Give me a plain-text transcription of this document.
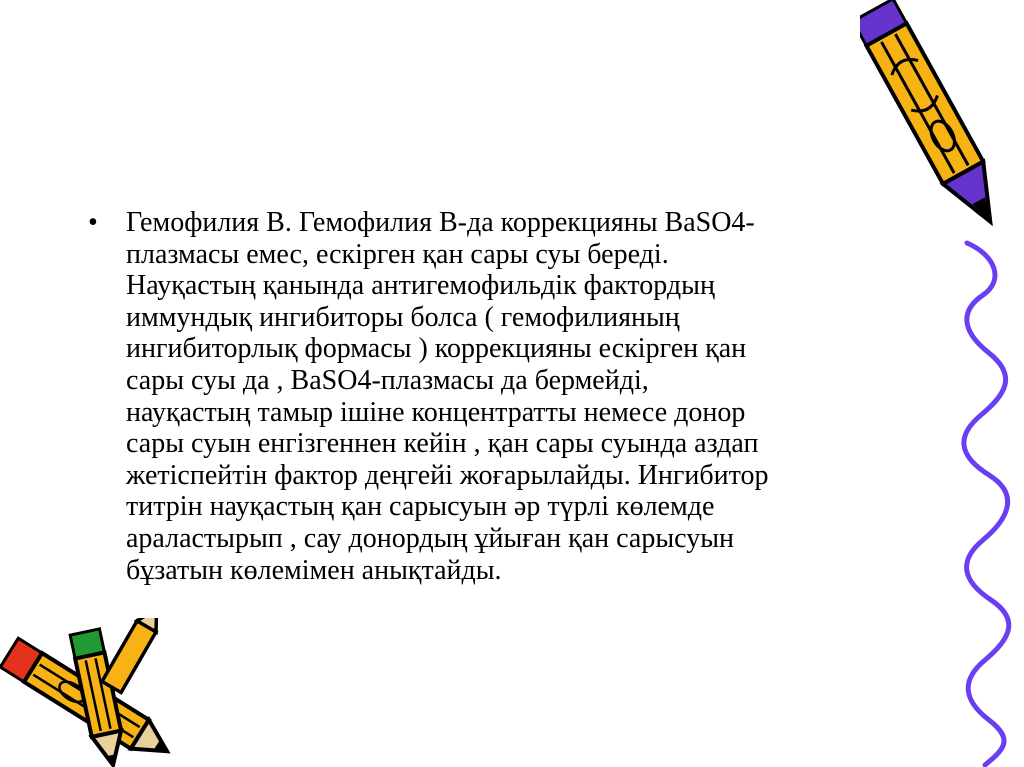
• Гемофилия В. Гемофилия В-да коррекцияны ВаSO4-
плазмасы емес, ескірген қан сары суы береді.
Науқастың қанында антигемофильдік фактордың
иммундық ингибиторы болса ( гемофилияның
ингибиторлық формасы ) коррекцияны ескірген қан
сары суы да , ВаSO4-плазмасы да бермейді,
науқастың тамыр ішіне концентратты немесе донор
сары суын енгізгеннен кейін , қан сары суында аздап
жетіспейтін фактор деңгейі жоғарылайды. Ингибитор
титрін науқастың қан сарысуын әр түрлі көлемде
араластырып , сау донордың ұйыған қан сарысуын
бұзатын көлемімен анықтайды.
